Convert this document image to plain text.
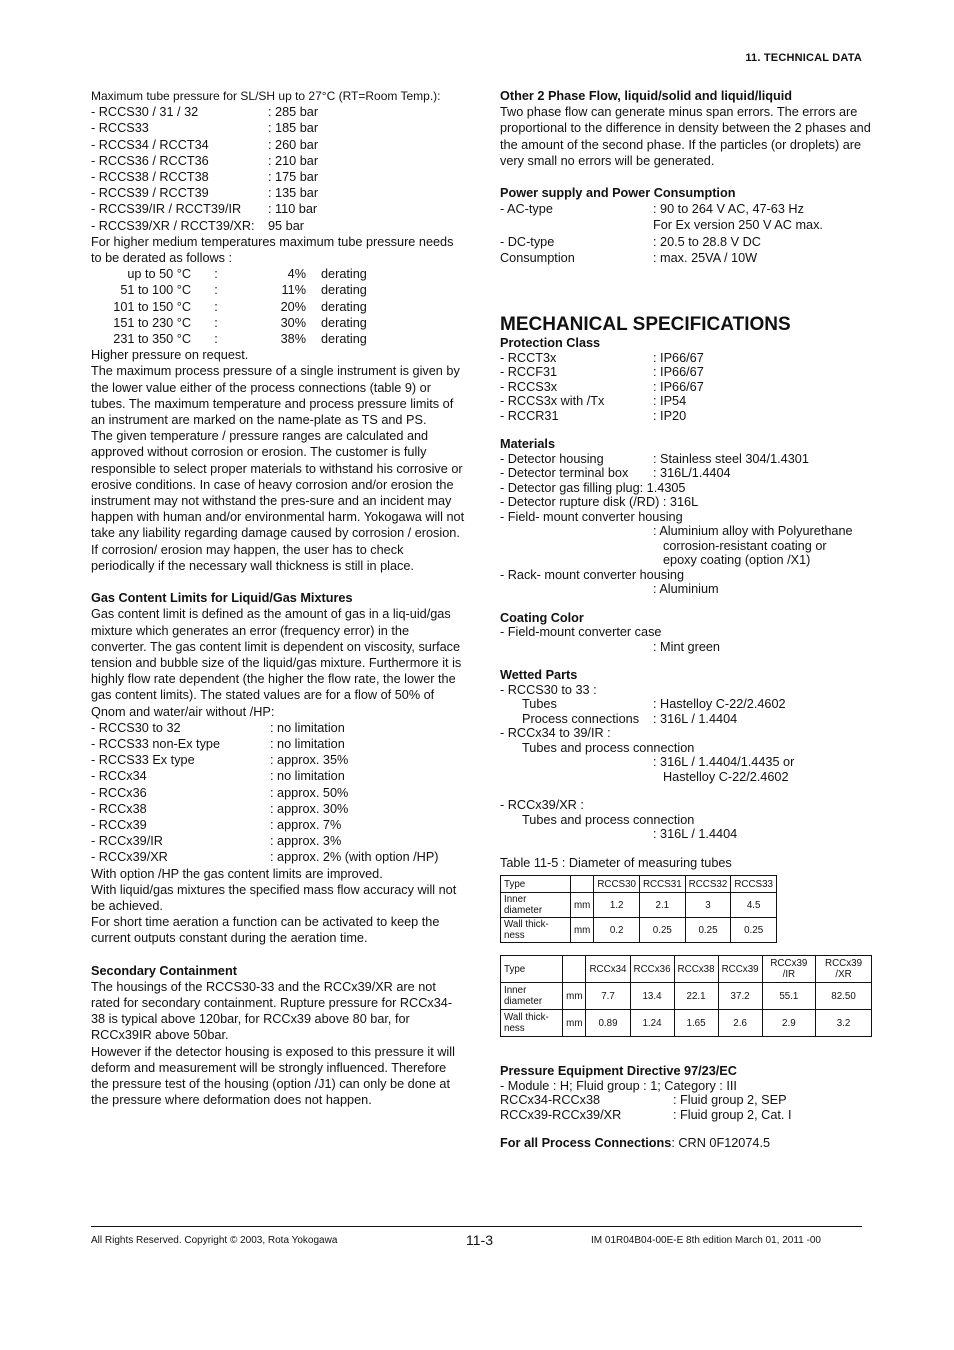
11. TECHNICAL DATA

Maximum tube pressure for SL/SH up to 27°C (RT=Room Temp.):

- RCCS30 / 31 / 32	: 285 bar
- RCCS33	: 185 bar
- RCCS34 / RCCT34	: 260 bar
- RCCS36 / RCCT36	: 210 bar
- RCCS38 / RCCT38	: 175 bar
- RCCS39 / RCCT39	: 135 bar
- RCCS39/IR / RCCT39/IR	: 110 bar
- RCCS39/XR / RCCT39/XR:	95 bar

For higher medium temperatures maximum tube pressure needs to be derated as follows :

up to 50 °C	:	4%	derating
51 to 100 °C	:	11%	derating
101 to 150 °C	:	20%	derating
151 to 230 °C	:	30%	derating
231 to 350 °C	:	38%	derating

Higher pressure on request.

The maximum process pressure of a single instrument is given by the lower value either of the process connections (table 9) or tubes. The maximum temperature and process pressure limits of an instrument are marked on the name-plate as TS and PS.

The given temperature / pressure ranges are calculated and approved without corrosion or erosion. The customer is fully responsible to select proper materials to withstand his corrosive or erosive conditions. In case of heavy corrosion and/or erosion the instrument may not withstand the pres-sure and an incident may happen with human and/or environmental harm. Yokogawa will not take any liability regarding damage caused by corrosion / erosion. If corrosion/ erosion may happen, the user has to check periodically if the necessary wall thickness is still in place.

Gas Content Limits for Liquid/Gas Mixtures

Gas content limit is defined as the amount of gas in a liq-uid/gas mixture which generates an error (frequency error) in the converter. The gas content limit is dependent on viscosity, surface tension and bubble size of the liquid/gas mixture. Furthermore it is highly flow rate dependent (the higher the flow rate, the lower the gas content limits). The stated values are for a flow of 50% of Qnom and water/air without /HP:

- RCCS30 to 32	: no limitation
- RCCS33 non-Ex type	: no limitation
- RCCS33 Ex type	: approx. 35%
- RCCx34	: no limitation
- RCCx36	: approx. 50%
- RCCx38	: approx. 30%
- RCCx39	: approx. 7%
- RCCx39/IR	: approx. 3%
- RCCx39/XR	: approx. 2% (with option /HP)

With option /HP the gas content limits are improved.

With liquid/gas mixtures the specified mass flow accuracy will not be achieved.

For short time aeration a function can be activated to keep the current outputs constant during the aeration time.

Secondary Containment

The housings of the RCCS30-33 and the RCCx39/XR are not rated for secondary containment. Rupture pressure for RCCx34-38 is typical above 120bar, for RCCx39 above 80 bar, for RCCx39IR above 50bar.

However if the detector housing is exposed to this pressure it will deform and measurement will be strongly influenced. Therefore the pressure test of the housing (option /J1) can only be done at the pressure where deformation does not happen.

Other 2 Phase Flow, liquid/solid and liquid/liquid

Two phase flow can generate minus span errors. The errors are proportional to the difference in density between the 2 phases and the amount of the second phase. If the particles (or droplets) are very small no errors will be generated.

Power supply and Power Consumption

- AC-type	: 90 to 264 V AC, 47-63 Hz
For Ex version 250 V AC max.
- DC-type	: 20.5 to 28.8 V DC
Consumption	: max. 25VA / 10W

MECHANICAL SPECIFICATIONS

Protection Class

- RCCT3x	: IP66/67
- RCCF31	: IP66/67
- RCCS3x	: IP66/67
- RCCS3x with /Tx	: IP54
- RCCR31	: IP20

Materials

- Detector housing	: Stainless steel 304/1.4301
- Detector terminal box	: 316L/1.4404

- Detector gas filling plug: 1.4305

- Detector rupture disk (/RD) : 316L

- Field- mount converter housing

: Aluminium alloy with Polyurethane

corrosion-resistant coating or

epoxy coating (option /X1)

- Rack- mount converter housing

: Aluminium

Coating Color

- Field-mount converter case

: Mint green

Wetted Parts

- RCCS30 to 33 :

Tubes	: Hastelloy C-22/2.4602
Process connections	: 316L / 1.4404

- RCCx34 to 39/IR :

Tubes and process connection

: 316L / 1.4404/1.4435 or

Hastelloy C-22/2.4602

- RCCx39/XR :

Tubes and process connection

: 316L / 1.4404

Table 11-5 : Diameter of measuring tubes

Type		RCCS30	RCCS31	RCCS32	RCCS33
Inner diameter	mm	1.2	2.1	3	4.5
Wall thick-ness	mm	0.2	0.25	0.25	0.25
Type		RCCx34	RCCx36	RCCx38	RCCx39	RCCx39 /IR	RCCx39 /XR
Inner diameter	mm	7.7	13.4	22.1	37.2	55.1	82.50
Wall thick-ness	mm	0.89	1.24	1.65	2.6	2.9	3.2

Pressure Equipment Directive 97/23/EC

- Module : H; Fluid group : 1; Category : III

RCCx34-RCCx38	: Fluid group 2, SEP
RCCx39-RCCx39/XR	: Fluid group 2, Cat. I

For all Process Connections: CRN 0F12074.5

All Rights Reserved. Copyright © 2003, Rota Yokogawa	11-3	IM 01R04B04-00E-E 8th edition March 01, 2011 -00
